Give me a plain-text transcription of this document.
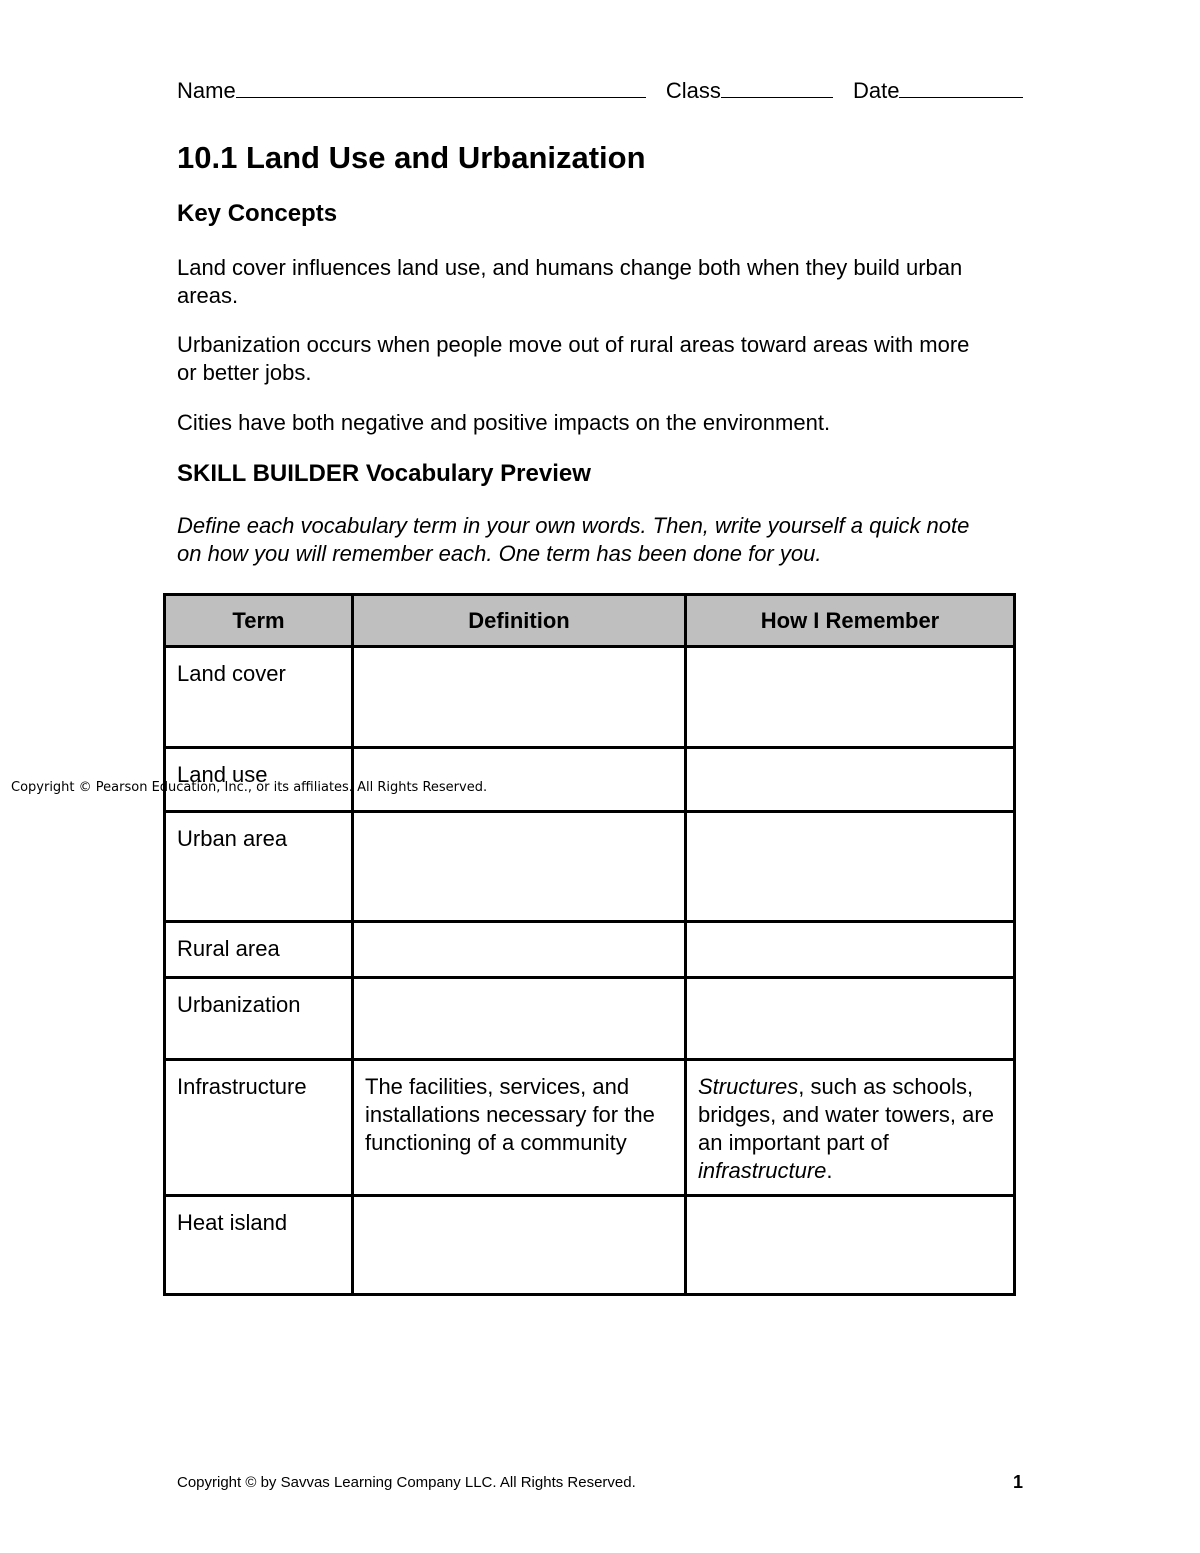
Name	Class	Date
10.1 Land Use and Urbanization
Key Concepts

Land cover influences land use, and humans change both when they build urban areas.

Urbanization occurs when people move out of rural areas toward areas with more or better jobs.

Cities have both negative and positive impacts on the environment.

SKILL BUILDER Vocabulary Preview

Define each vocabulary term in your own words. Then, write yourself a quick note on how you will remember each. One term has been done for you.

Term	Definition	How I Remember
Land cover		
Land use		
Urban area		
Rural area		
Urbanization		
Infrastructure	The facilities, services, and installations necessary for the functioning of a community	Structures, such as schools, bridges, and water towers, are an important part of infrastructure.
Heat island		
Copyright © Pearson Education, Inc., or its affiliates. All Rights Reserved.
Copyright © by Savvas Learning Company LLC. All Rights Reserved.	1
